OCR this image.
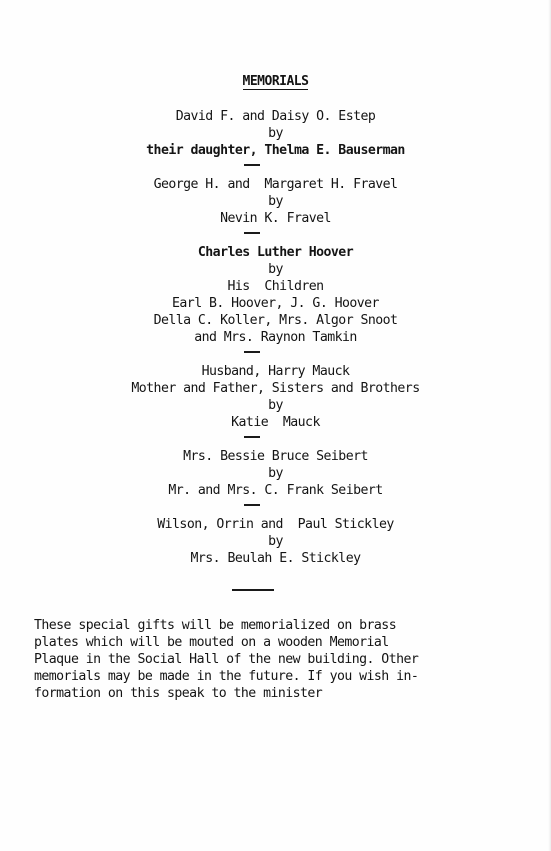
MEMORIALS
David F. and Daisy O. Estep
by
their daughter, Thelma E. Bauserman
George H. and  Margaret H. Fravel
by
Nevin K. Fravel
Charles Luther Hoover
by
His  Children
Earl B. Hoover, J. G. Hoover
Della C. Koller, Mrs. Algor Snoot
and Mrs. Raynon Tamkin
Husband, Harry Mauck
Mother and Father, Sisters and Brothers
by
Katie  Mauck
Mrs. Bessie Bruce Seibert
by
Mr. and Mrs. C. Frank Seibert
Wilson, Orrin and  Paul Stickley
by
Mrs. Beulah E. Stickley
These special gifts will be memorialized on brass
plates which will be mouted on a wooden Memorial
Plaque in the Social Hall of the new building. Other
memorials may be made in the future. If you wish in-
formation on this speak to the minister
